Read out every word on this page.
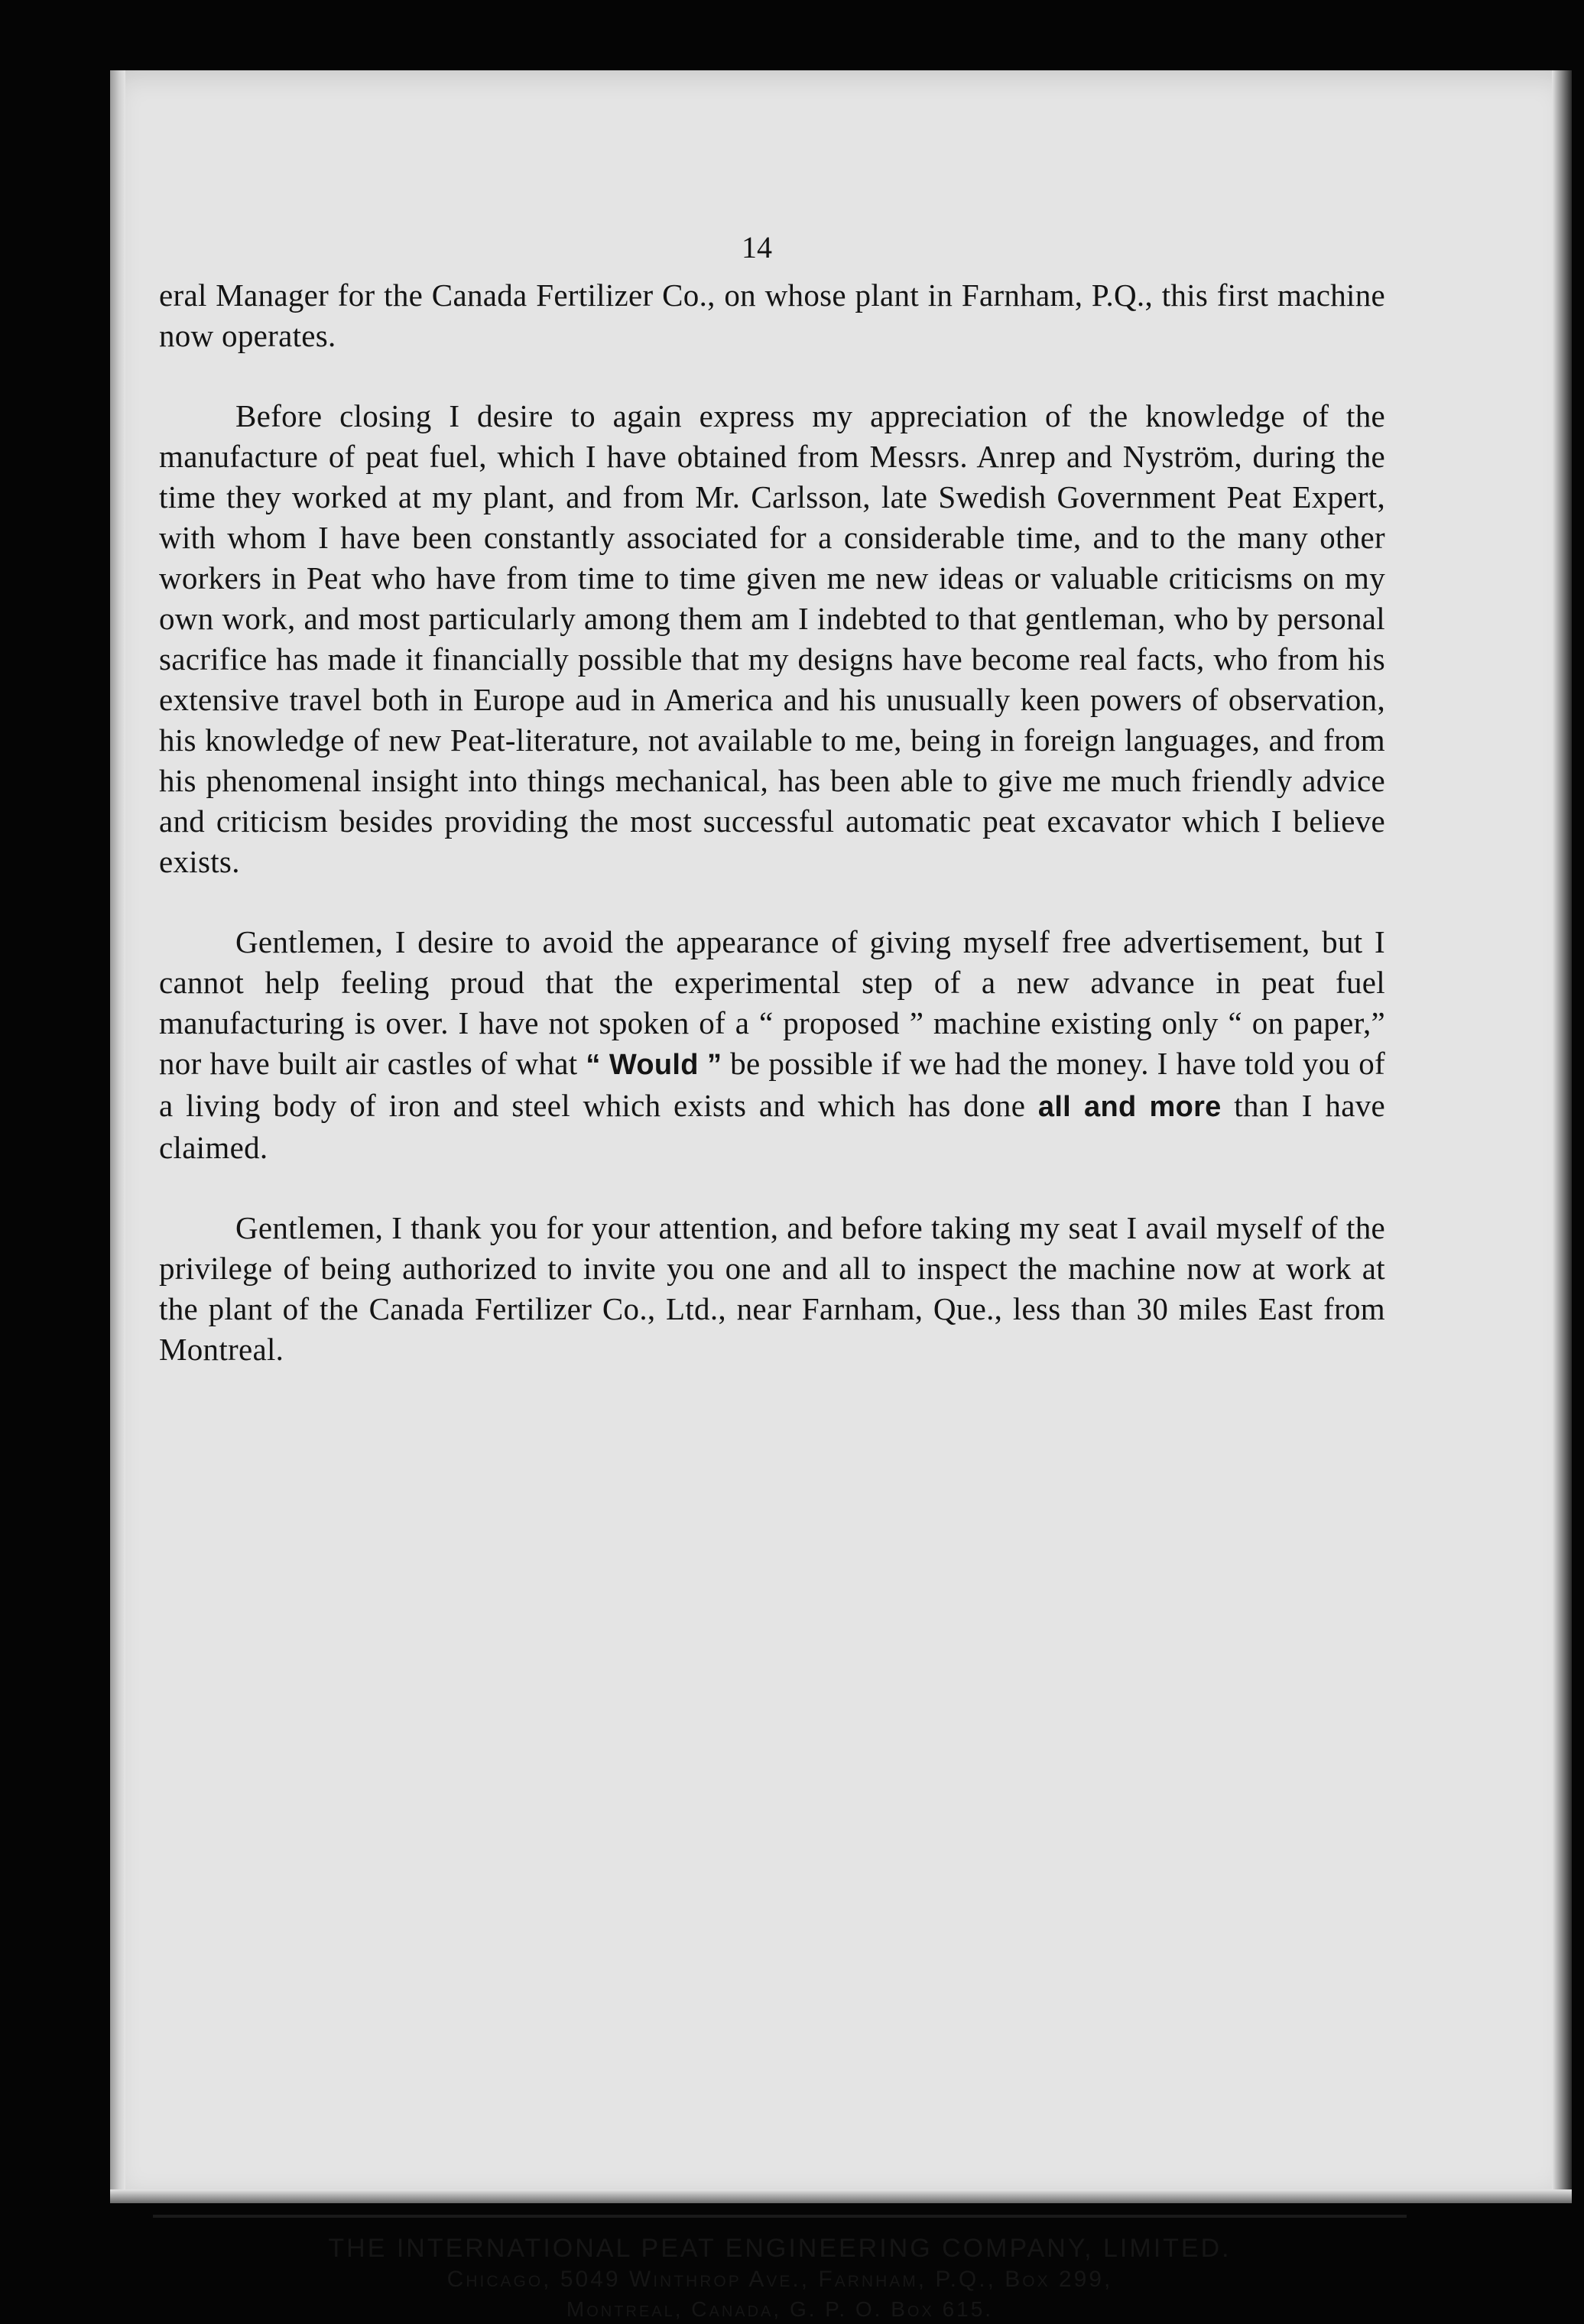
14

eral Manager for the Canada Fertilizer Co., on whose plant in Farnham, P.Q., this first machine now operates.

Before closing I desire to again express my appreciation of the knowledge of the manufacture of peat fuel, which I have obtained from Messrs. Anrep and Nyström, during the time they worked at my plant, and from Mr. Carlsson, late Swedish Government Peat Expert, with whom I have been constantly associated for a considerable time, and to the many other workers in Peat who have from time to time given me new ideas or valuable criticisms on my own work, and most particularly among them am I indebted to that gentleman, who by personal sacrifice has made it financially possible that my designs have become real facts, who from his extensive travel both in Europe aud in America and his unusually keen powers of observation, his knowledge of new Peat-literature, not available to me, being in foreign languages, and from his phenomenal insight into things mechanical, has been able to give me much friendly advice and criticism besides providing the most successful automatic peat excavator which I believe exists.

Gentlemen, I desire to avoid the appearance of giving myself free advertisement, but I cannot help feeling proud that the experimental step of a new advance in peat fuel manufacturing is over. I have not spoken of a “ proposed ” machine existing only “ on paper,” nor have built air castles of what “ Would ” be possible if we had the money. I have told you of a living body of iron and steel which exists and which has done all and more than I have claimed.

Gentlemen, I thank you for your attention, and before taking my seat I avail myself of the privilege of being authorized to invite you one and all to inspect the machine now at work at the plant of the Canada Fertilizer Co., Ltd., near Farnham, Que., less than 30 miles East from Montreal.

THE INTERNATIONAL PEAT ENGINEERING COMPANY, LIMITED.
Chicago, 5049 Winthrop Ave., Farnham, P.Q., Box 299,
Montreal, Canada, G. P. O. Box 615.
